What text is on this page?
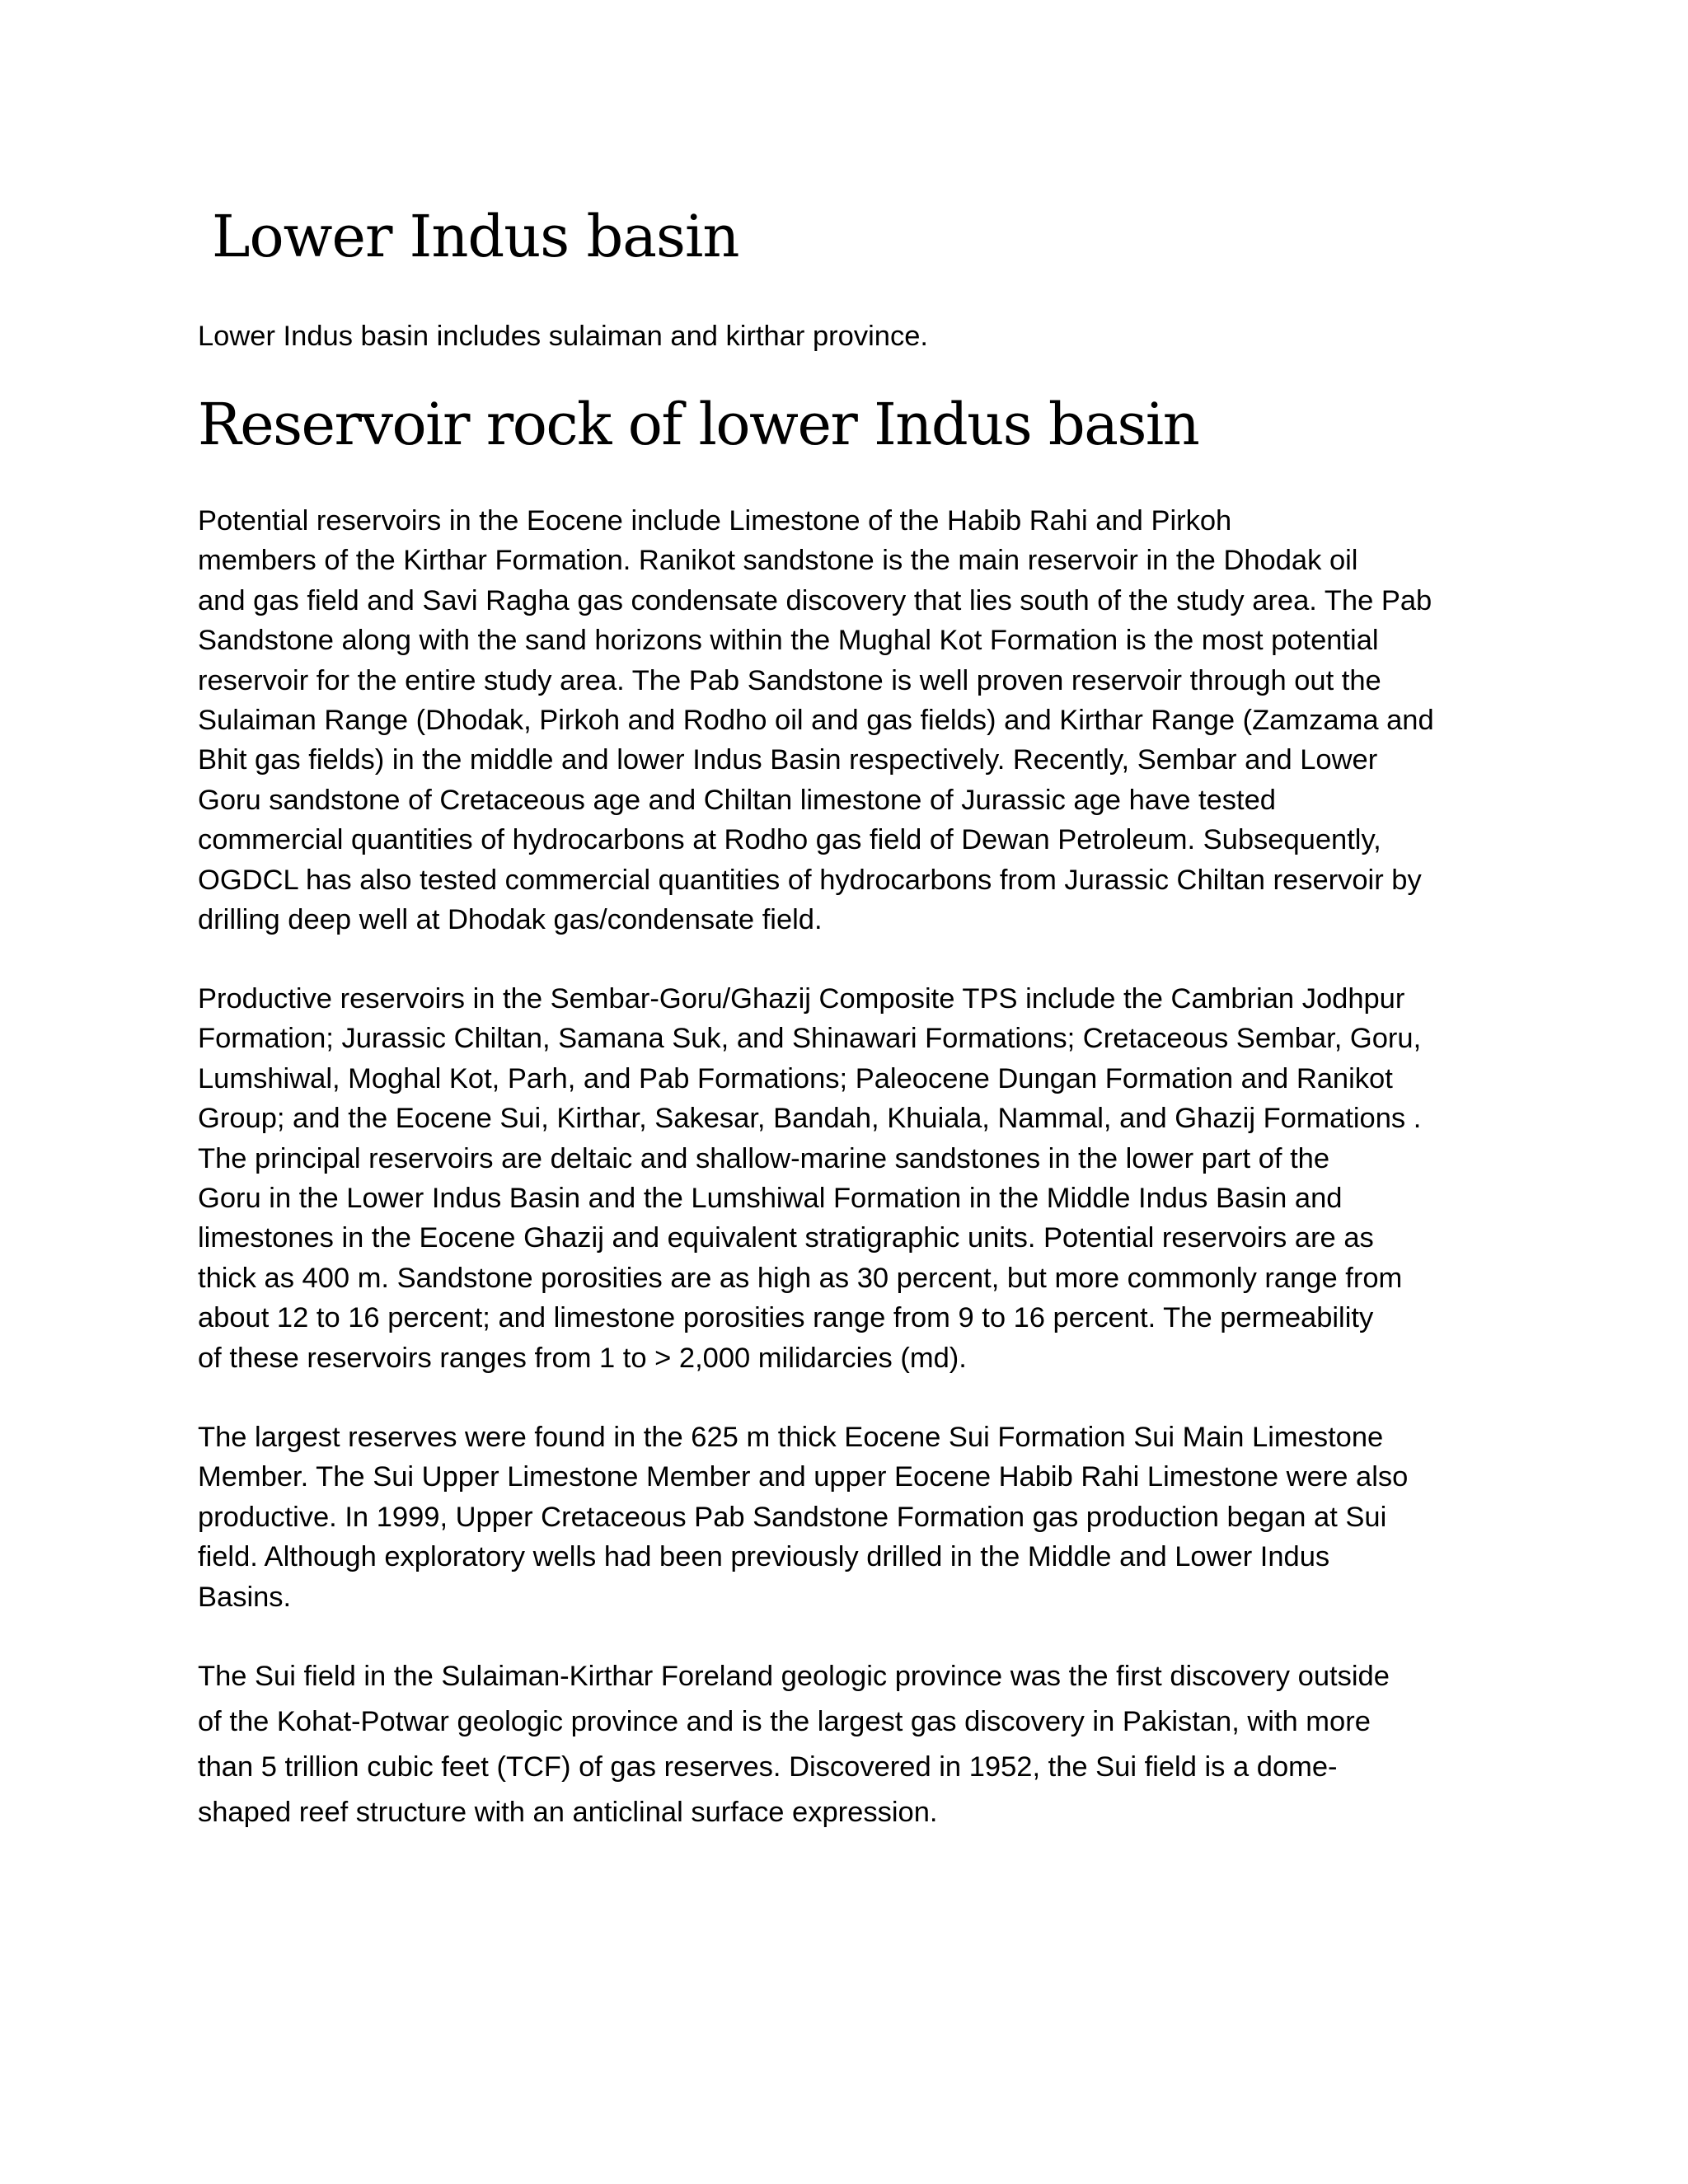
Lower Indus basin

Lower Indus basin includes sulaiman and kirthar province.

Reservoir rock of lower Indus basin
Potential reservoirs in the Eocene include Limestone of the Habib Rahi and Pirkoh
members of the Kirthar Formation. Ranikot sandstone is the main reservoir in the Dhodak oil
and gas field and Savi Ragha gas condensate discovery that lies south of the study area. The Pab
Sandstone along with the sand horizons within the Mughal Kot Formation is the most potential
reservoir for the entire study area. The Pab Sandstone is well proven reservoir through out the
Sulaiman Range (Dhodak, Pirkoh and Rodho oil and gas fields) and Kirthar Range (Zamzama and
Bhit gas fields) in the middle and lower Indus Basin respectively. Recently, Sembar and Lower
Goru sandstone of Cretaceous age and Chiltan limestone of Jurassic age have tested
commercial quantities of hydrocarbons at Rodho gas field of Dewan Petroleum. Subsequently,
OGDCL has also tested commercial quantities of hydrocarbons from Jurassic Chiltan reservoir by
drilling deep well at Dhodak gas/condensate field.
Productive reservoirs in the Sembar-Goru/Ghazij Composite TPS include the Cambrian Jodhpur
Formation; Jurassic Chiltan, Samana Suk, and Shinawari Formations; Cretaceous Sembar, Goru,
Lumshiwal, Moghal Kot, Parh, and Pab Formations; Paleocene Dungan Formation and Ranikot
Group; and the Eocene Sui, Kirthar, Sakesar, Bandah, Khuiala, Nammal, and Ghazij Formations .
The principal reservoirs are deltaic and shallow-marine sandstones in the lower part of the
Goru in the Lower Indus Basin and the Lumshiwal Formation in the Middle Indus Basin and
limestones in the Eocene Ghazij and equivalent stratigraphic units. Potential reservoirs are as
thick as 400 m. Sandstone porosities are as high as 30 percent, but more commonly range from
about 12 to 16 percent; and limestone porosities range from 9 to 16 percent. The permeability
of these reservoirs ranges from 1 to > 2,000 milidarcies (md).
The largest reserves were found in the 625 m thick Eocene Sui Formation Sui Main Limestone
Member. The Sui Upper Limestone Member and upper Eocene Habib Rahi Limestone were also
productive. In 1999, Upper Cretaceous Pab Sandstone Formation gas production began at Sui
field. Although exploratory wells had been previously drilled in the Middle and Lower Indus
Basins.
The Sui field in the Sulaiman-Kirthar Foreland geologic province was the first discovery outside
of the Kohat-Potwar geologic province and is the largest gas discovery in Pakistan, with more
than 5 trillion cubic feet (TCF) of gas reserves. Discovered in 1952, the Sui field is a dome-
shaped reef structure with an anticlinal surface expression.
